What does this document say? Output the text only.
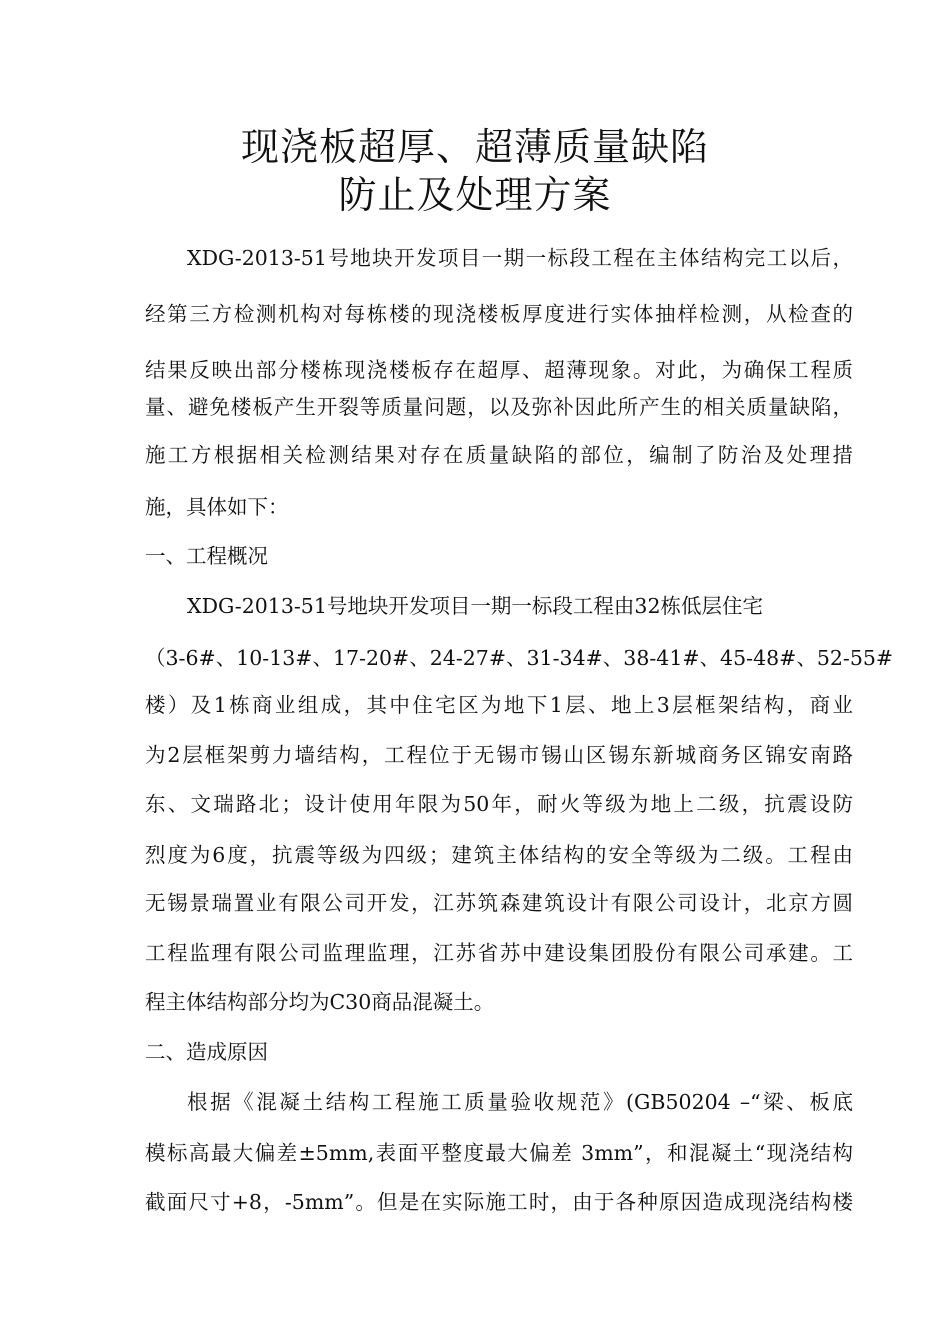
现浇板超厚、超薄质量缺陷
防止及处理方案
XDG-2013-51号地块开发项目一期一标段工程在主体结构完工以后，
经第三方检测机构对每栋楼的现浇楼板厚度进行实体抽样检测，从检查的
结果反映出部分楼栋现浇楼板存在超厚、超薄现象。对此，为确保工程质
量、避免楼板产生开裂等质量问题，以及弥补因此所产生的相关质量缺陷，
施工方根据相关检测结果对存在质量缺陷的部位，编制了防治及处理措
施，具体如下：
一、工程概况
XDG-2013-51号地块开发项目一期一标段工程由32栋低层住宅
（3-6#、10-13#、17-20#、24-27#、31-34#、38-41#、45-48#、52-55#
楼）及1栋商业组成，其中住宅区为地下1层、地上3层框架结构，商业
为2层框架剪力墙结构，工程位于无锡市锡山区锡东新城商务区锦安南路
东、文瑞路北；设计使用年限为50年，耐火等级为地上二级，抗震设防
烈度为6度，抗震等级为四级；建筑主体结构的安全等级为二级。工程由
无锡景瑞置业有限公司开发，江苏筑森建筑设计有限公司设计，北京方圆
工程监理有限公司监理监理，江苏省苏中建设集团股份有限公司承建。工
程主体结构部分均为C30商品混凝土。
二、造成原因
根据《混凝土结构工程施工质量验收规范》(GB50204 –“梁、板底
模标高最大偏差±5mm,表面平整度最大偏差 3mm”，和混凝土“现浇结构
截面尺寸+8，-5mm”。但是在实际施工时，由于各种原因造成现浇结构楼
